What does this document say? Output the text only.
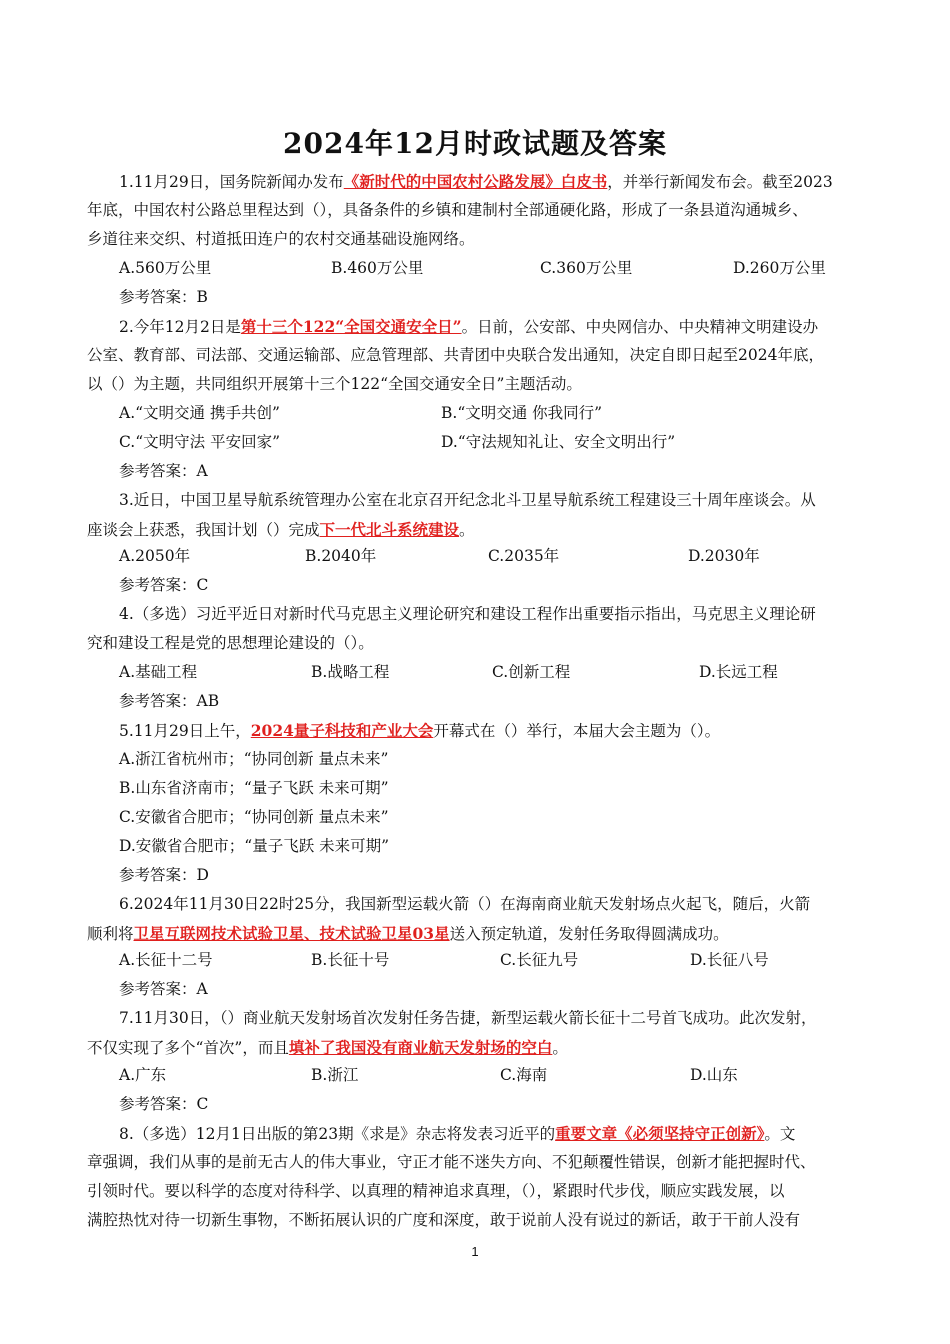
2024年12月时政试题及答案
1.11月29日，国务院新闻办发布《新时代的中国农村公路发展》白皮书，并举行新闻发布会。截至2023
年底，中国农村公路总里程达到（），具备条件的乡镇和建制村全部通硬化路，形成了一条县道沟通城乡、
乡道往来交织、村道抵田连户的农村交通基础设施网络。
A.560万公里	B.460万公里	C.360万公里	D.260万公里
参考答案：B
2.今年12月2日是第十三个122“全国交通安全日”。日前，公安部、中央网信办、中央精神文明建设办
公室、教育部、司法部、交通运输部、应急管理部、共青团中央联合发出通知，决定自即日起至2024年底，
以（）为主题，共同组织开展第十三个122“全国交通安全日”主题活动。
A.“文明交通 携手共创”	B.“文明交通 你我同行”
C.“文明守法 平安回家”	D.“守法规知礼让、安全文明出行”
参考答案：A
3.近日，中国卫星导航系统管理办公室在北京召开纪念北斗卫星导航系统工程建设三十周年座谈会。从
座谈会上获悉，我国计划（）完成下一代北斗系统建设。
A.2050年	B.2040年	C.2035年	D.2030年
参考答案：C
4.（多选）习近平近日对新时代马克思主义理论研究和建设工程作出重要指示指出，马克思主义理论研
究和建设工程是党的思想理论建设的（）。
A.基础工程	B.战略工程	C.创新工程	D.长远工程
参考答案：AB
5.11月29日上午，2024量子科技和产业大会开幕式在（）举行，本届大会主题为（）。
A.浙江省杭州市；“协同创新 量点未来”
B.山东省济南市；“量子飞跃 未来可期”
C.安徽省合肥市；“协同创新 量点未来”
D.安徽省合肥市；“量子飞跃 未来可期”
参考答案：D
6.2024年11月30日22时25分，我国新型运载火箭（）在海南商业航天发射场点火起飞，随后，火箭
顺利将卫星互联网技术试验卫星、技术试验卫星03星送入预定轨道，发射任务取得圆满成功。
A.长征十二号	B.长征十号	C.长征九号	D.长征八号
参考答案：A
7.11月30日，（）商业航天发射场首次发射任务告捷，新型运载火箭长征十二号首飞成功。此次发射，
不仅实现了多个“首次”，而且填补了我国没有商业航天发射场的空白。
A.广东	B.浙江	C.海南	D.山东
参考答案：C
8.（多选）12月1日出版的第23期《求是》杂志将发表习近平的重要文章《必须坚持守正创新》。文
章强调，我们从事的是前无古人的伟大事业，守正才能不迷失方向、不犯颠覆性错误，创新才能把握时代、
引领时代。要以科学的态度对待科学、以真理的精神追求真理，（），紧跟时代步伐，顺应实践发展，以
满腔热忱对待一切新生事物，不断拓展认识的广度和深度，敢于说前人没有说过的新话，敢于干前人没有
1
